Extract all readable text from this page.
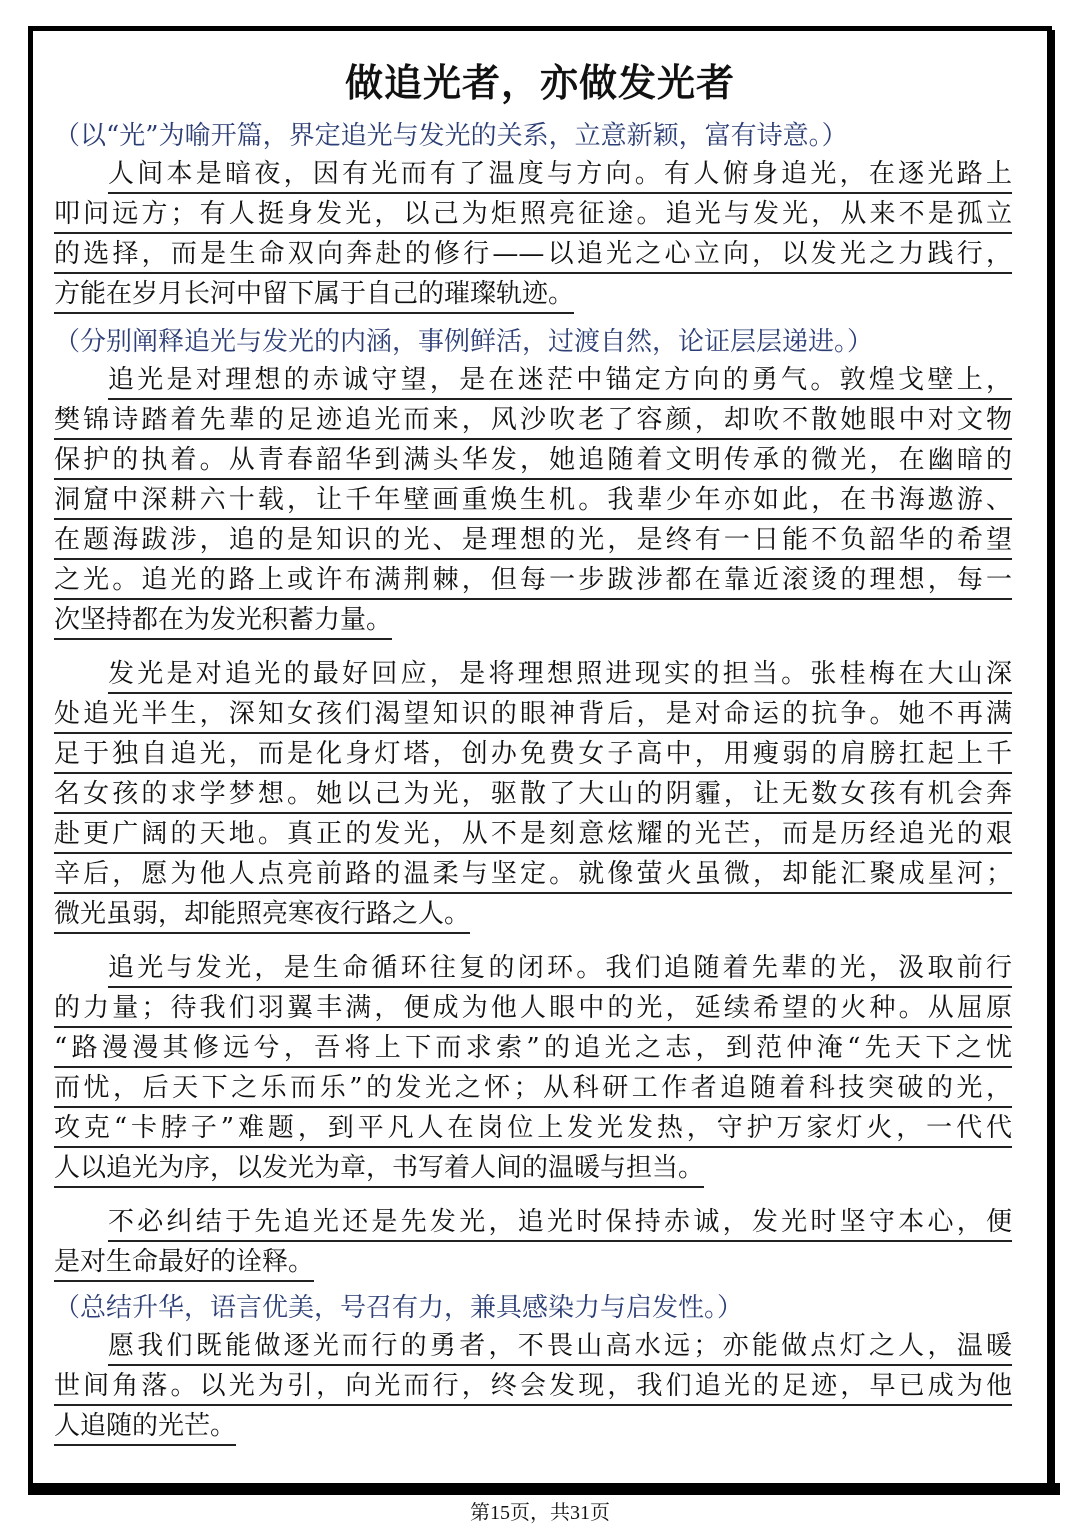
做追光者，亦做发光者
（以“光”为喻开篇，界定追光与发光的关系，立意新颖，富有诗意。）
人间本是暗夜，因有光而有了温度与方向。有人俯身追光，在逐光路上
叩问远方；有人挺身发光，以己为炬照亮征途。追光与发光，从来不是孤立
的选择，而是生命双向奔赴的修行——以追光之心立向，以发光之力践行，
方能在岁月长河中留下属于自己的璀璨轨迹。
（分别阐释追光与发光的内涵，事例鲜活，过渡自然，论证层层递进。）
追光是对理想的赤诚守望，是在迷茫中锚定方向的勇气。敦煌戈壁上，
樊锦诗踏着先辈的足迹追光而来，风沙吹老了容颜，却吹不散她眼中对文物
保护的执着。从青春韶华到满头华发，她追随着文明传承的微光，在幽暗的
洞窟中深耕六十载，让千年壁画重焕生机。我辈少年亦如此，在书海遨游、
在题海跋涉，追的是知识的光、是理想的光，是终有一日能不负韶华的希望
之光。追光的路上或许布满荆棘，但每一步跋涉都在靠近滚烫的理想，每一
次坚持都在为发光积蓄力量。
发光是对追光的最好回应，是将理想照进现实的担当。张桂梅在大山深
处追光半生，深知女孩们渴望知识的眼神背后，是对命运的抗争。她不再满
足于独自追光，而是化身灯塔，创办免费女子高中，用瘦弱的肩膀扛起上千
名女孩的求学梦想。她以己为光，驱散了大山的阴霾，让无数女孩有机会奔
赴更广阔的天地。真正的发光，从不是刻意炫耀的光芒，而是历经追光的艰
辛后，愿为他人点亮前路的温柔与坚定。就像萤火虽微，却能汇聚成星河；
微光虽弱，却能照亮寒夜行路之人。
追光与发光，是生命循环往复的闭环。我们追随着先辈的光，汲取前行
的力量；待我们羽翼丰满，便成为他人眼中的光，延续希望的火种。从屈原
“路漫漫其修远兮，吾将上下而求索”的追光之志，到范仲淹“先天下之忧
而忧，后天下之乐而乐”的发光之怀；从科研工作者追随着科技突破的光，
攻克“卡脖子”难题，到平凡人在岗位上发光发热，守护万家灯火，一代代
人以追光为序，以发光为章，书写着人间的温暖与担当。
不必纠结于先追光还是先发光，追光时保持赤诚，发光时坚守本心，便
是对生命最好的诠释。
（总结升华，语言优美，号召有力，兼具感染力与启发性。）
愿我们既能做逐光而行的勇者，不畏山高水远；亦能做点灯之人，温暖
世间角落。以光为引，向光而行，终会发现，我们追光的足迹，早已成为他
人追随的光芒。
第15页，共31页
